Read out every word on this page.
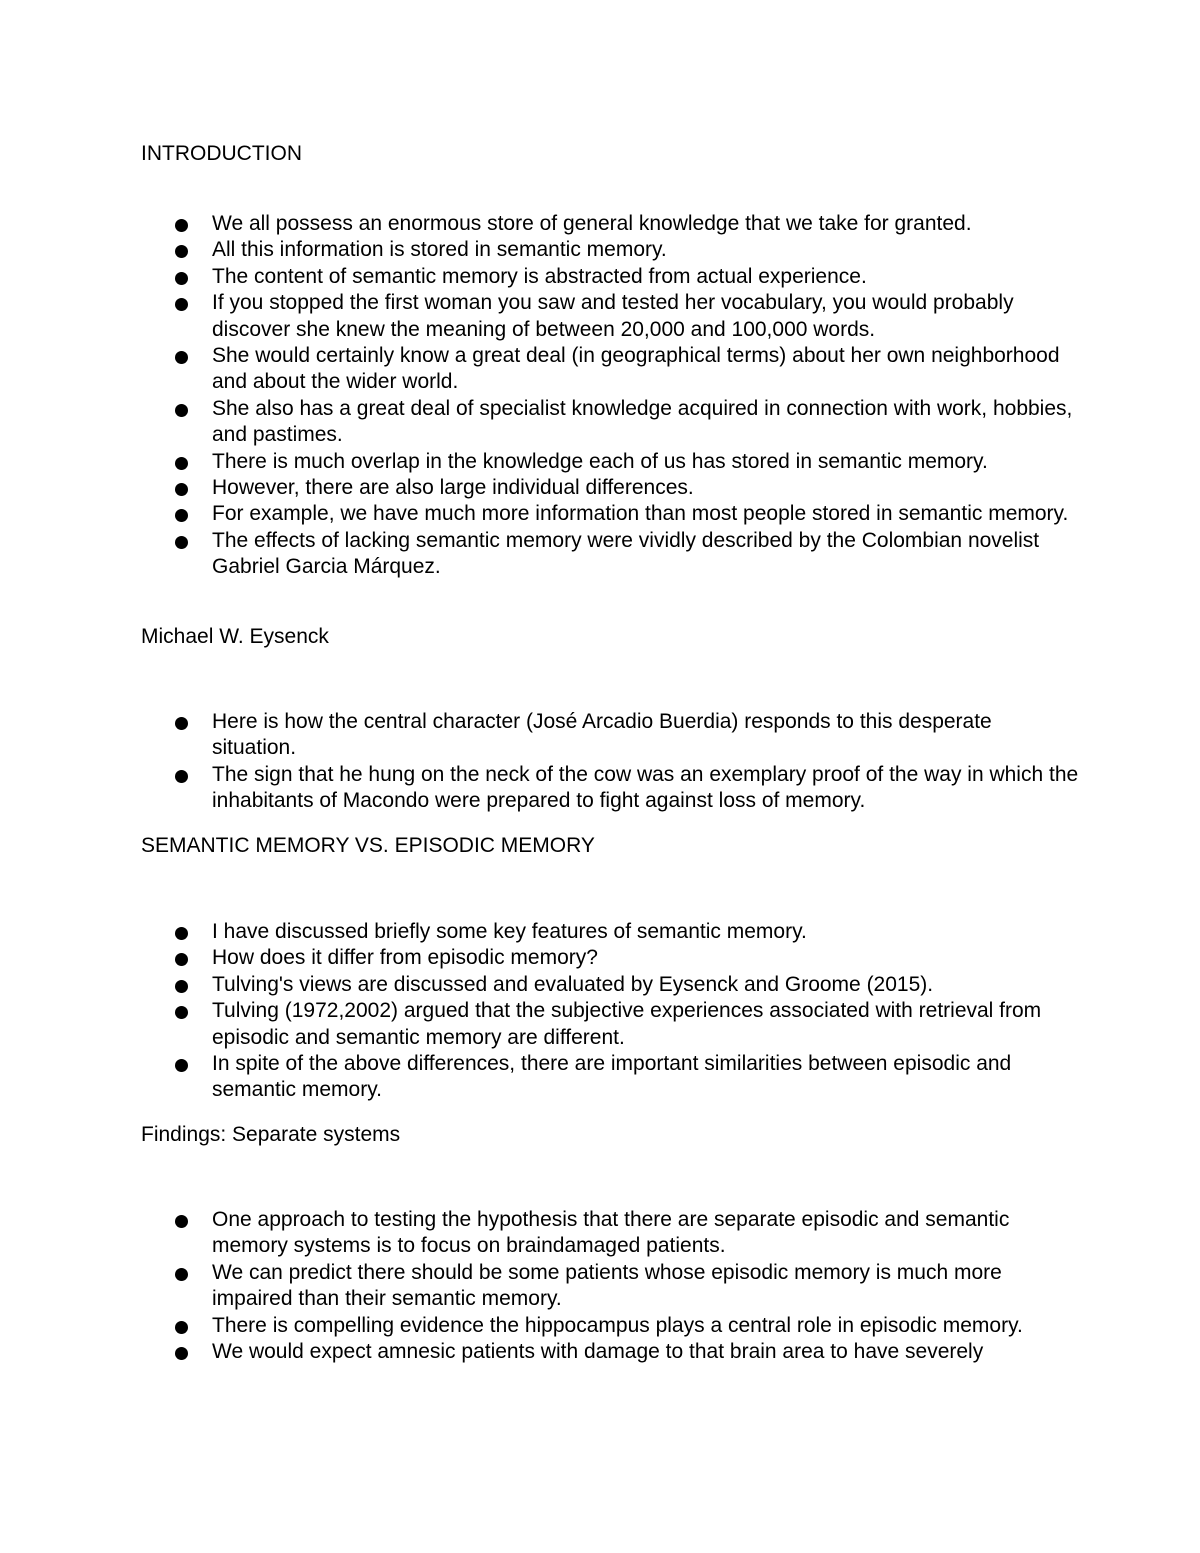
INTRODUCTION
We all possess an enormous store of general knowledge that we take for granted.
All this information is stored in semantic memory.
The content of semantic memory is abstracted from actual experience.
If you stopped the first woman you saw and tested her vocabulary, you would probably discover she knew the meaning of between 20,000 and 100,000 words.
She would certainly know a great deal (in geographical terms) about her own neighborhood and about the wider world.
She also has a great deal of specialist knowledge acquired in connection with work, hobbies, and pastimes.
There is much overlap in the knowledge each of us has stored in semantic memory.
However, there are also large individual differences.
For example, we have much more information than most people stored in semantic memory.
The effects of lacking semantic memory were vividly described by the Colombian novelist Gabriel Garcia Márquez.
Michael W. Eysenck
Here is how the central character (José Arcadio Buerdia) responds to this desperate situation.
The sign that he hung on the neck of the cow was an exemplary proof of the way in which the inhabitants of Macondo were prepared to fight against loss of memory.
SEMANTIC MEMORY VS. EPISODIC MEMORY
I have discussed briefly some key features of semantic memory.
How does it differ from episodic memory?
Tulving's views are discussed and evaluated by Eysenck and Groome (2015).
Tulving (1972,2002) argued that the subjective experiences associated with retrieval from episodic and semantic memory are different.
In spite of the above differences, there are important similarities between episodic and semantic memory.
Findings: Separate systems
One approach to testing the hypothesis that there are separate episodic and semantic memory systems is to focus on braindamaged patients.
We can predict there should be some patients whose episodic memory is much more impaired than their semantic memory.
There is compelling evidence the hippocampus plays a central role in episodic memory.
We would expect amnesic patients with damage to that brain area to have severely
